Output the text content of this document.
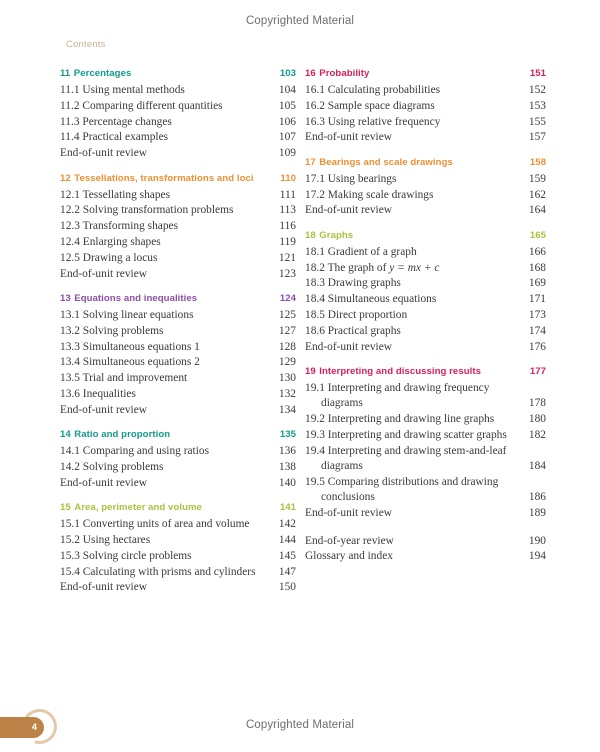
Copyrighted Material
Contents
11 Percentages	103
11.1 Using mental methods	104
11.2 Comparing different quantities	105
11.3 Percentage changes	106
11.4 Practical examples	107
End-of-unit review	109
12 Tessellations, transformations and loci	110
12.1 Tessellating shapes	111
12.2 Solving transformation problems	113
12.3 Transforming shapes	116
12.4 Enlarging shapes	119
12.5 Drawing a locus	121
End-of-unit review	123
13 Equations and inequalities	124
13.1 Solving linear equations	125
13.2 Solving problems	127
13.3 Simultaneous equations 1	128
13.4 Simultaneous equations 2	129
13.5 Trial and improvement	130
13.6 Inequalities	132
End-of-unit review	134
14 Ratio and proportion	135
14.1 Comparing and using ratios	136
14.2 Solving problems	138
End-of-unit review	140
15 Area, perimeter and volume	141
15.1 Converting units of area and volume	142
15.2 Using hectares	144
15.3 Solving circle problems	145
15.4 Calculating with prisms and cylinders	147
End-of-unit review	150
16 Probability	151
16.1 Calculating probabilities	152
16.2 Sample space diagrams	153
16.3 Using relative frequency	155
End-of-unit review	157
17 Bearings and scale drawings	158
17.1 Using bearings	159
17.2 Making scale drawings	162
End-of-unit review	164
18 Graphs	165
18.1 Gradient of a graph	166
18.2 The graph of y = mx + c	168
18.3 Drawing graphs	169
18.4 Simultaneous equations	171
18.5 Direct proportion	173
18.6 Practical graphs	174
End-of-unit review	176
19 Interpreting and discussing results	177
19.1 Interpreting and drawing frequency
diagrams	178
19.2 Interpreting and drawing line graphs	180
19.3 Interpreting and drawing scatter graphs	182
19.4 Interpreting and drawing stem-and-leaf
diagrams	184
19.5 Comparing distributions and drawing
conclusions	186
End-of-unit review	189
End-of-year review	190
Glossary and index	194
4	Copyrighted Material
